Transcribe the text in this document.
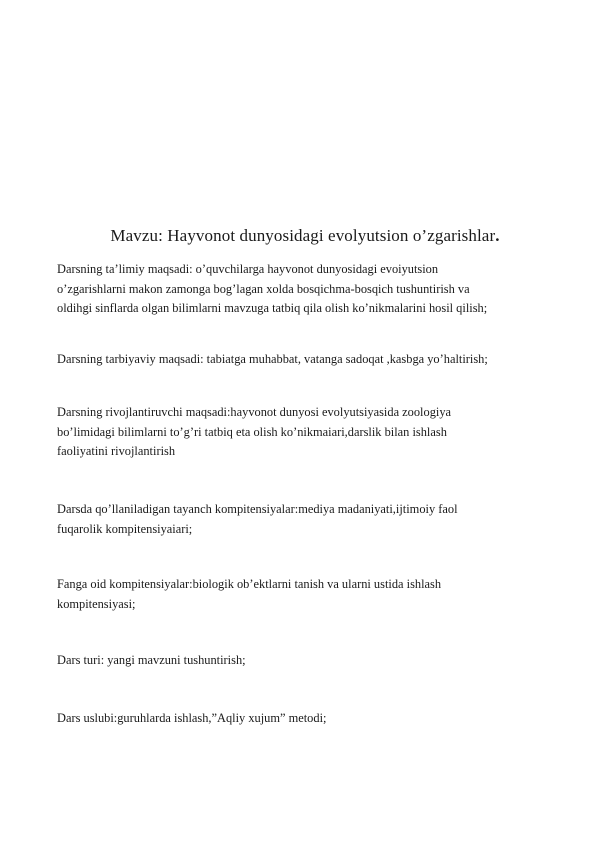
Mavzu: Hayvonot dunyosidagi evolyutsion o’zgarishlar.

Darsning ta’limiy maqsadi: o’quvchilarga hayvonot dunyosidagi evoiyutsion
o’zgarishlarni makon zamonga bog’lagan xolda bosqichma-bosqich tushuntirish va
oldihgi sinflarda olgan bilimlarni mavzuga tatbiq qila olish ko’nikmalarini hosil qilish;

Darsning tarbiyaviy maqsadi: tabiatga muhabbat, vatanga sadoqat ,kasbga yo’haltirish;

Darsning rivojlantiruvchi maqsadi:hayvonot dunyosi evolyutsiyasida zoologiya
bo’limidagi bilimlarni to’g’ri tatbiq eta olish ko’nikmaiari,darslik bilan ishlash
faoliyatini rivojlantirish

Darsda qo’llaniladigan tayanch kompitensiyalar:mediya madaniyati,ijtimoiy faol
fuqarolik kompitensiyaiari;

Fanga oid kompitensiyalar:biologik ob’ektlarni tanish va ularni ustida ishlash
kompitensiyasi;

Dars turi: yangi mavzuni tushuntirish;

Dars uslubi:guruhlarda ishlash,”Aqliy xujum” metodi;
